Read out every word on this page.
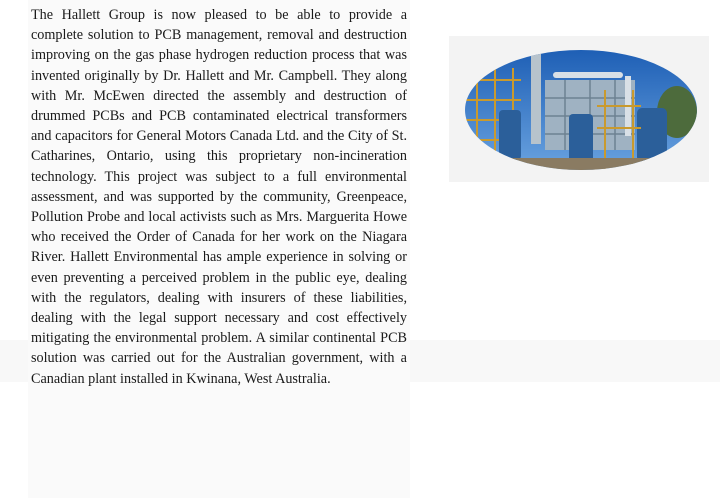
The Hallett Group is now pleased to be able to provide a complete solution to PCB management, removal and destruction improving on the gas phase hydrogen reduction process that was invented originally by Dr. Hallett and Mr. Campbell. They along with Mr. McEwen directed the assembly and destruction of drummed PCBs and PCB contaminated electrical transformers and capacitors for General Motors Canada Ltd. and the City of St. Catharines, Ontario, using this proprietary non-incineration technology. This project was subject to a full environmental assessment, and was supported by the community, Greenpeace, Pollution Probe and local activists such as Mrs. Marguerita Howe who received the Order of Canada for her work on the Niagara River. Hallett Environmental has ample experience in solving or even preventing a perceived problem in the public eye, dealing with the regulators, dealing with insurers of these liabilities, dealing with the legal support necessary and cost effectively mitigating the environmental problem. A similar continental PCB solution was carried out for the Australian government, with a Canadian plant installed in Kwinana, West Australia.
